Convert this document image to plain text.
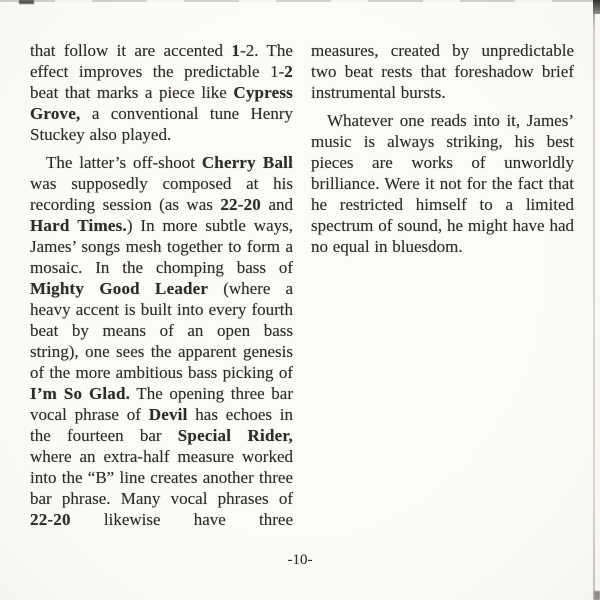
that follow it are accented 1-2. The effect improves the predictable 1-2 beat that marks a piece like Cypress Grove, a conventional tune Henry Stuckey also played.

The latter’s off-shoot Cherry Ball was supposedly composed at his recording session (as was 22-20 and Hard Times.) In more subtle ways, James’ songs mesh together to form a mosaic. In the chomping bass of Mighty Good Leader (where a heavy accent is built into every fourth beat by means of an open bass string), one sees the apparent genesis of the more ambitious bass picking of I’m So Glad. The opening three bar vocal phrase of Devil has echoes in the fourteen bar Special Rider, where an extra-half measure worked into the “B” line creates another three bar phrase. Many vocal phrases of 22-20 likewise have three

measures, created by unpredictable two beat rests that foreshadow brief instrumental bursts.

Whatever one reads into it, James’ music is always striking, his best pieces are works of unworldly brilliance. Were it not for the fact that he restricted himself to a limited spectrum of sound, he might have had no equal in bluesdom.

-10-
